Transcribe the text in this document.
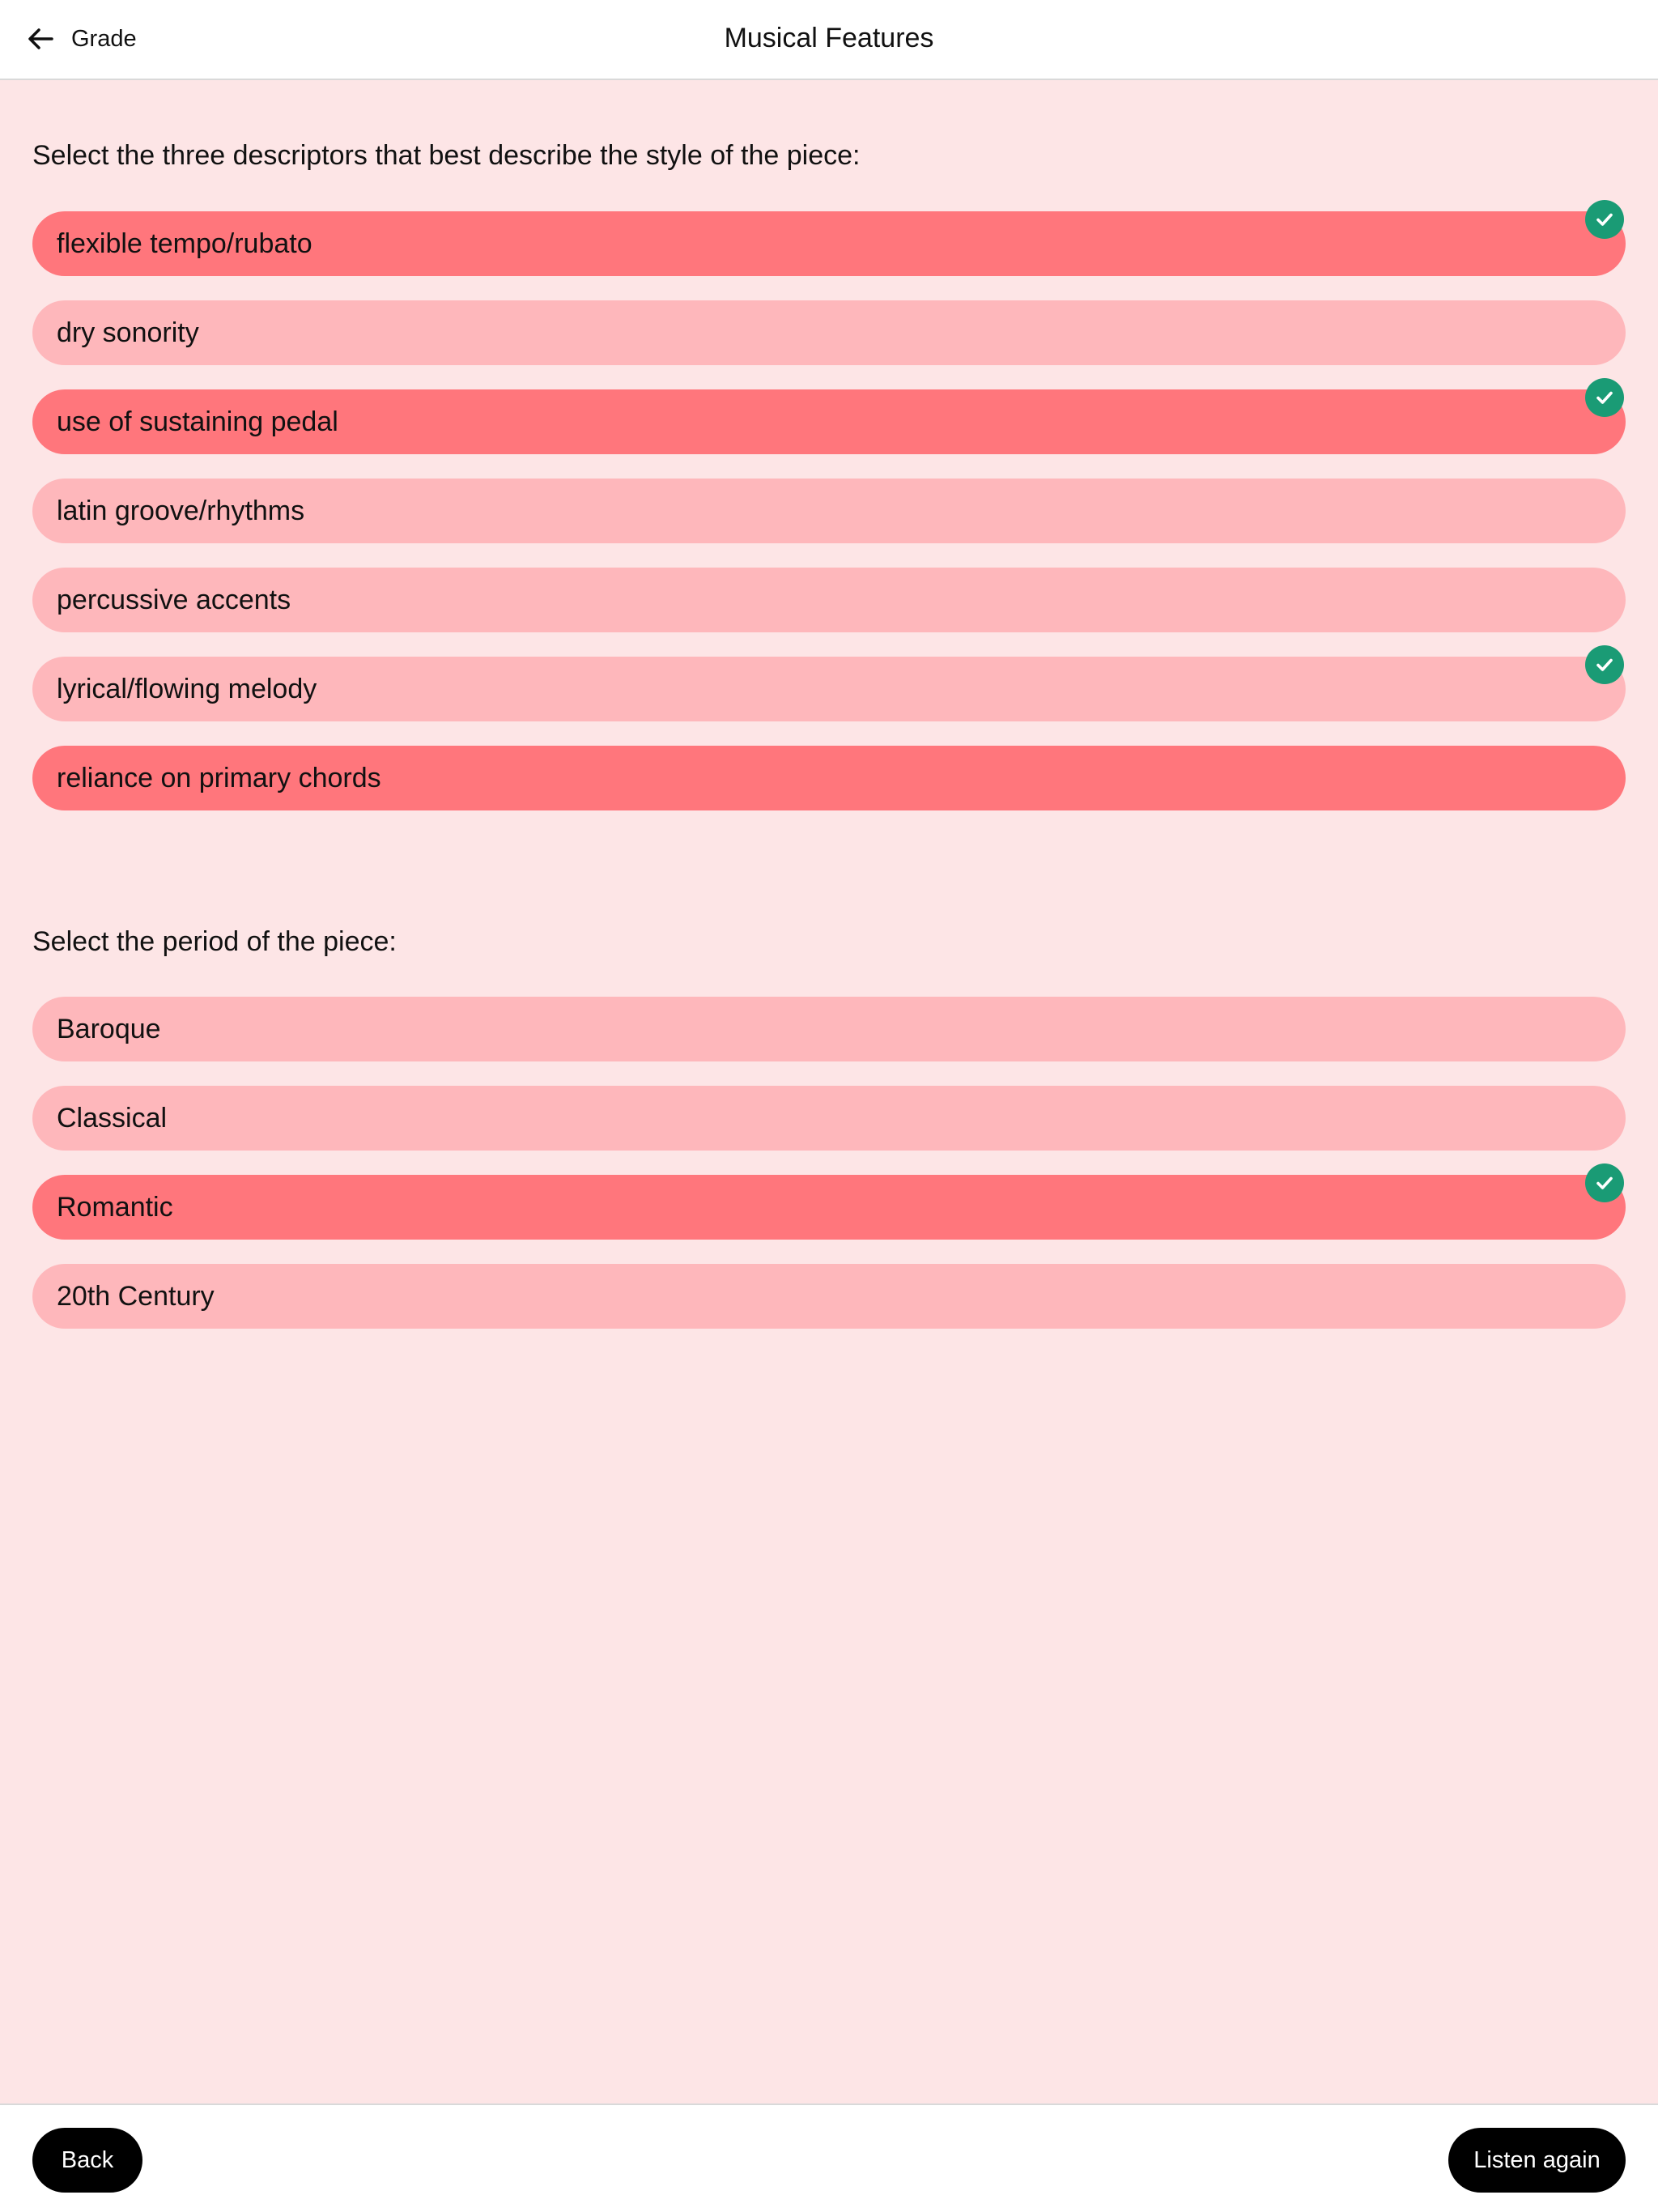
Grade	Musical Features
Select the three descriptors that best describe the style of the piece:
flexible tempo/rubato
dry sonority
use of sustaining pedal
latin groove/rhythms
percussive accents
lyrical/flowing melody
reliance on primary chords
Select the period of the piece:
Baroque
Classical
Romantic
20th Century
Back	Listen again
